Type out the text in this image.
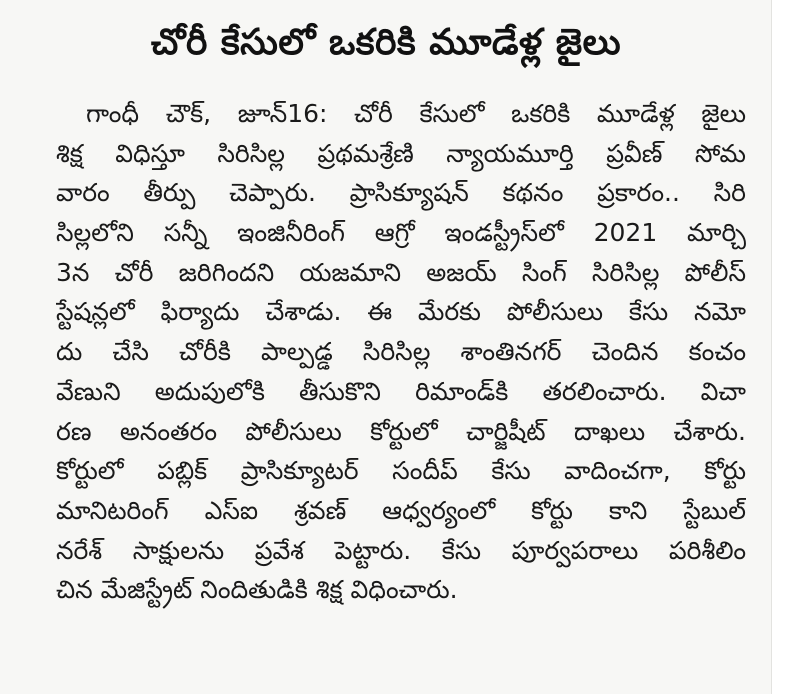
చోరీ కేసులో ఒకరికి మూడేళ్ల జైలు
గాంధీ చౌక్, జూన్16: చోరీ కేసులో ఒకరికి మూడేళ్ల జైలు
శిక్ష విధిస్తూ సిరిసిల్ల ప్రథమశ్రేణి న్యాయమూర్తి ప్రవీణ్ సోమ
వారం తీర్పు చెప్పారు. ప్రాసిక్యూషన్ కథనం ప్రకారం.. సిరి
సిల్లలోని సన్నీ ఇంజినీరింగ్ ఆగ్రో ఇండస్ట్రీస్‌లో 2021 మార్చి
3న చోరీ జరిగిందని యజమాని అజయ్ సింగ్ సిరిసిల్ల పోలీస్
స్టేషన్లలో ఫిర్యాదు చేశాడు. ఈ మేరకు పోలీసులు కేసు నమో
దు చేసి చోరీకి పాల్పడ్డ సిరిసిల్ల శాంతినగర్ చెందిన కంచం
వేణుని అదుపులోకి తీసుకొని రిమాండ్‌కి తరలించారు. విచా
రణ అనంతరం పోలీసులు కోర్టులో చార్జిషీట్ దాఖలు చేశారు.
కోర్టులో పబ్లిక్ ప్రాసిక్యూటర్ సందీప్ కేసు వాదించగా, కోర్టు
మానిటరింగ్ ఎస్ఐ శ్రవణ్ ఆధ్వర్యంలో కోర్టు కాని స్టేబుల్
నరేశ్ సాక్షులను ప్రవేశ పెట్టారు. కేసు పూర్వపరాలు పరిశీలిం
చిన మేజిస్ట్రేట్ నిందితుడికి శిక్ష విధించారు.
